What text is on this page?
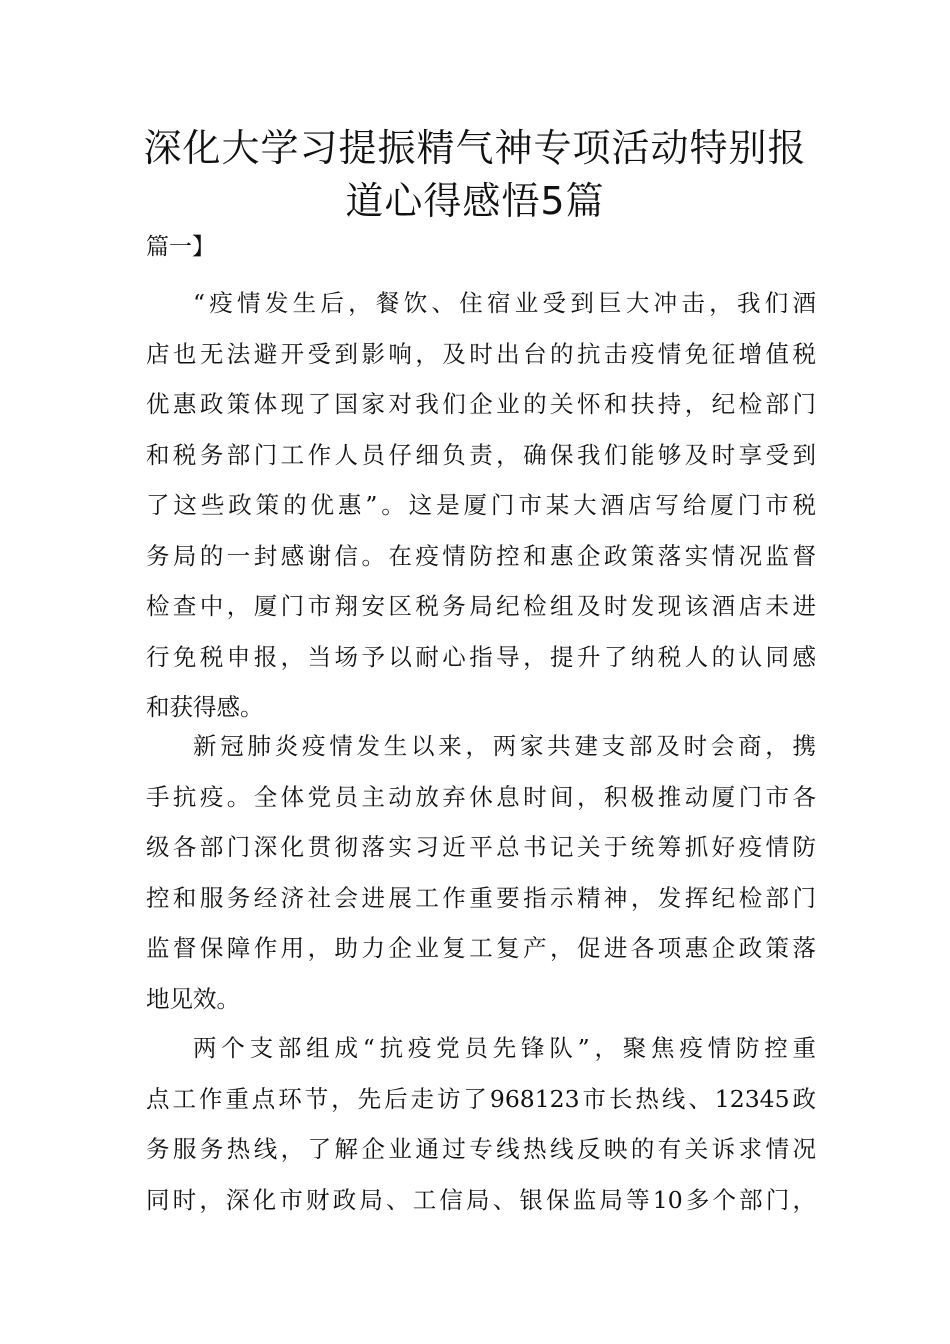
深化大学习提振精气神专项活动特别报
道心得感悟5篇
篇一】
“疫情发生后，餐饮、住宿业受到巨大冲击，我们酒
店也无法避开受到影响，及时出台的抗击疫情免征增值税
优惠政策体现了国家对我们企业的关怀和扶持，纪检部门
和税务部门工作人员仔细负责，确保我们能够及时享受到
了这些政策的优惠”。这是厦门市某大酒店写给厦门市税
务局的一封感谢信。在疫情防控和惠企政策落实情况监督
检查中，厦门市翔安区税务局纪检组及时发现该酒店未进
行免税申报，当场予以耐心指导，提升了纳税人的认同感
和获得感。
新冠肺炎疫情发生以来，两家共建支部及时会商，携
手抗疫。全体党员主动放弃休息时间，积极推动厦门市各
级各部门深化贯彻落实习近平总书记关于统筹抓好疫情防
控和服务经济社会进展工作重要指示精神，发挥纪检部门
监督保障作用，助力企业复工复产，促进各项惠企政策落
地见效。
两个支部组成“抗疫党员先锋队”，聚焦疫情防控重
点工作重点环节，先后走访了968123市长热线、12345政
务服务热线，了解企业通过专线热线反映的有关诉求情况
同时，深化市财政局、工信局、银保监局等10多个部门，
